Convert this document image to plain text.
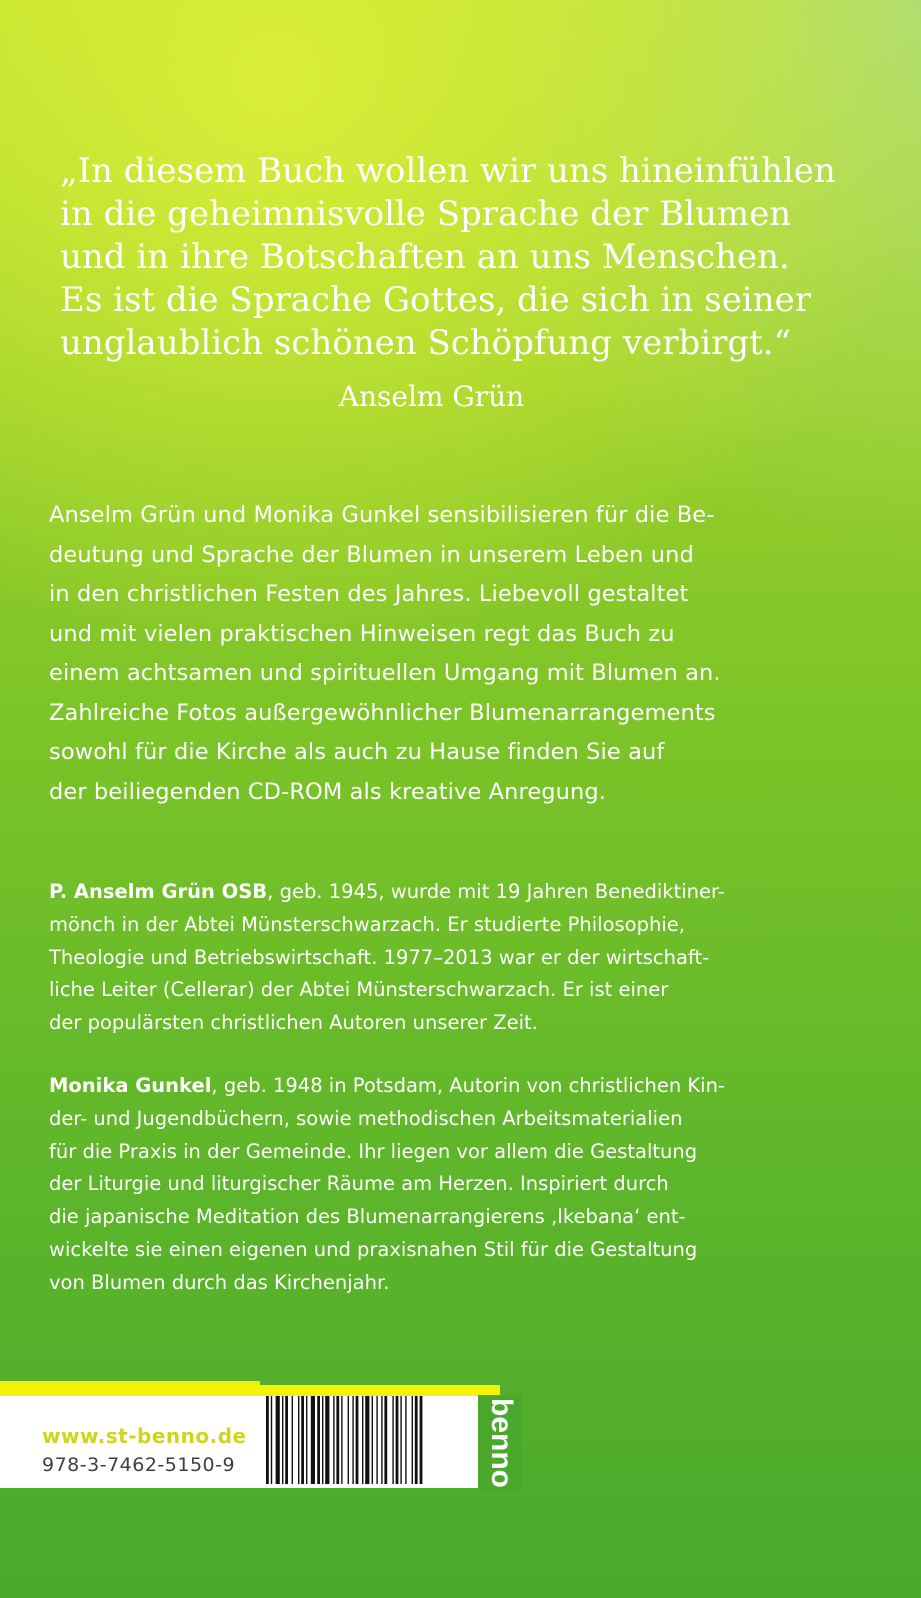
„In diesem Buch wollen wir uns hineinfühlen
in die geheimnisvolle Sprache der Blumen
und in ihre Botschaften an uns Menschen.
Es ist die Sprache Gottes, die sich in seiner
unglaublich schönen Schöpfung verbirgt.“
Anselm Grün
Anselm Grün und Monika Gunkel sensibilisieren für die Be-
deutung und Sprache der Blumen in unserem Leben und
in den christlichen Festen des Jahres. Liebevoll gestaltet
und mit vielen praktischen Hinweisen regt das Buch zu
einem achtsamen und spirituellen Umgang mit Blumen an.
Zahlreiche Fotos außergewöhnlicher Blumenarrangements
sowohl für die Kirche als auch zu Hause finden Sie auf
der beiliegenden CD-ROM als kreative Anregung.
P. Anselm Grün OSB, geb. 1945, wurde mit 19 Jahren Benediktiner-
mönch in der Abtei Münsterschwarzach. Er studierte Philosophie,
Theologie und Betriebswirtschaft. 1977–2013 war er der wirtschaft-
liche Leiter (Cellerar) der Abtei Münsterschwarzach. Er ist einer
der populärsten christlichen Autoren unserer Zeit.
Monika Gunkel, geb. 1948 in Potsdam, Autorin von christlichen Kin-
der- und Jugendbüchern, sowie methodischen Arbeitsmaterialien
für die Praxis in der Gemeinde. Ihr liegen vor allem die Gestaltung
der Liturgie und liturgischer Räume am Herzen. Inspiriert durch
die japanische Meditation des Blumenarrangierens ‚Ikebana‘ ent-
wickelte sie einen eigenen und praxisnahen Stil für die Gestaltung
von Blumen durch das Kirchenjahr.
www.st-benno.de
978-3-7462-5150-9	benno
